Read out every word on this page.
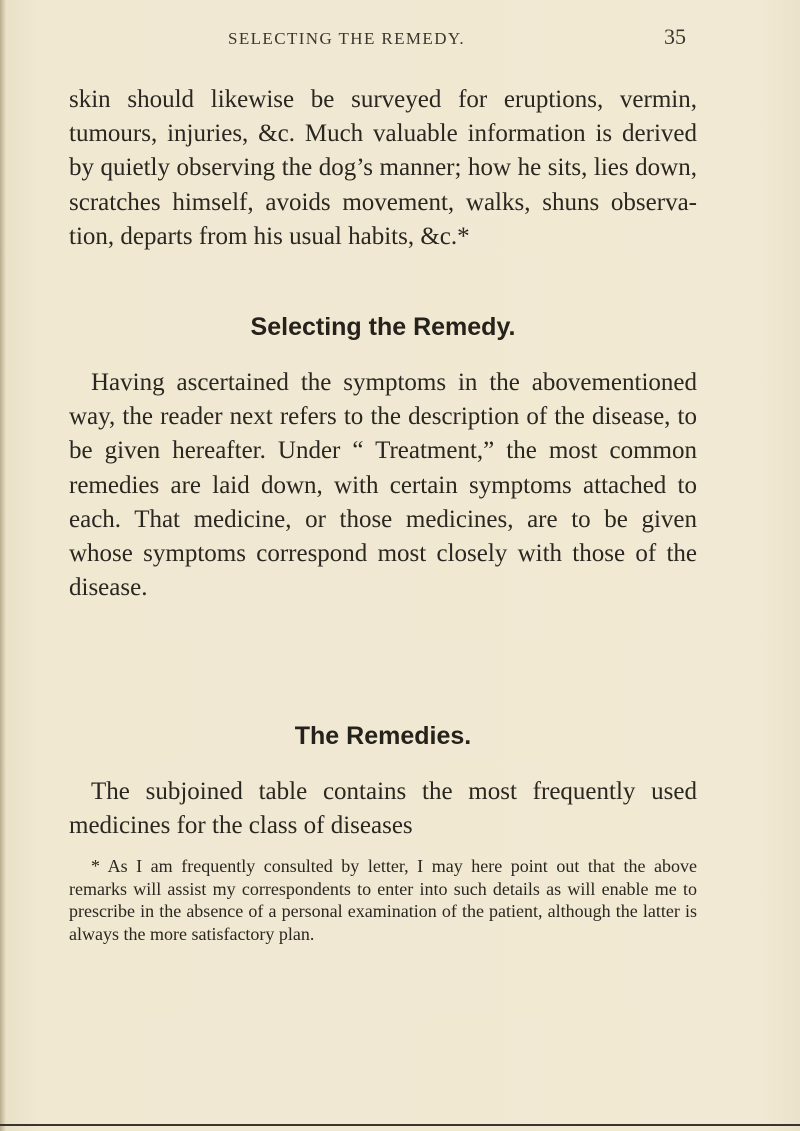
SELECTING THE REMEDY.	35

skin should likewise be surveyed for eruptions, vermin, tumours, injuries, &c. Much valuable information is derived by quietly observing the dog’s manner; how he sits, lies down, scratches himself, avoids movement, walks, shuns observation, departs from his usual habits, &c.*

Selecting the Remedy.

Having ascertained the symptoms in the abovementioned way, the reader next refers to the description of the disease, to be given hereafter. Under “ Treatment,” the most common remedies are laid down, with certain symptoms attached to each. That medicine, or those medicines, are to be given whose symptoms correspond most closely with those of the disease.

The Remedies.

The subjoined table contains the most frequently used medicines for the class of diseases

* As I am frequently consulted by letter, I may here point out that the above remarks will assist my correspondents to enter into such details as will enable me to prescribe in the absence of a personal examination of the patient, although the latter is always the more satisfactory plan.
